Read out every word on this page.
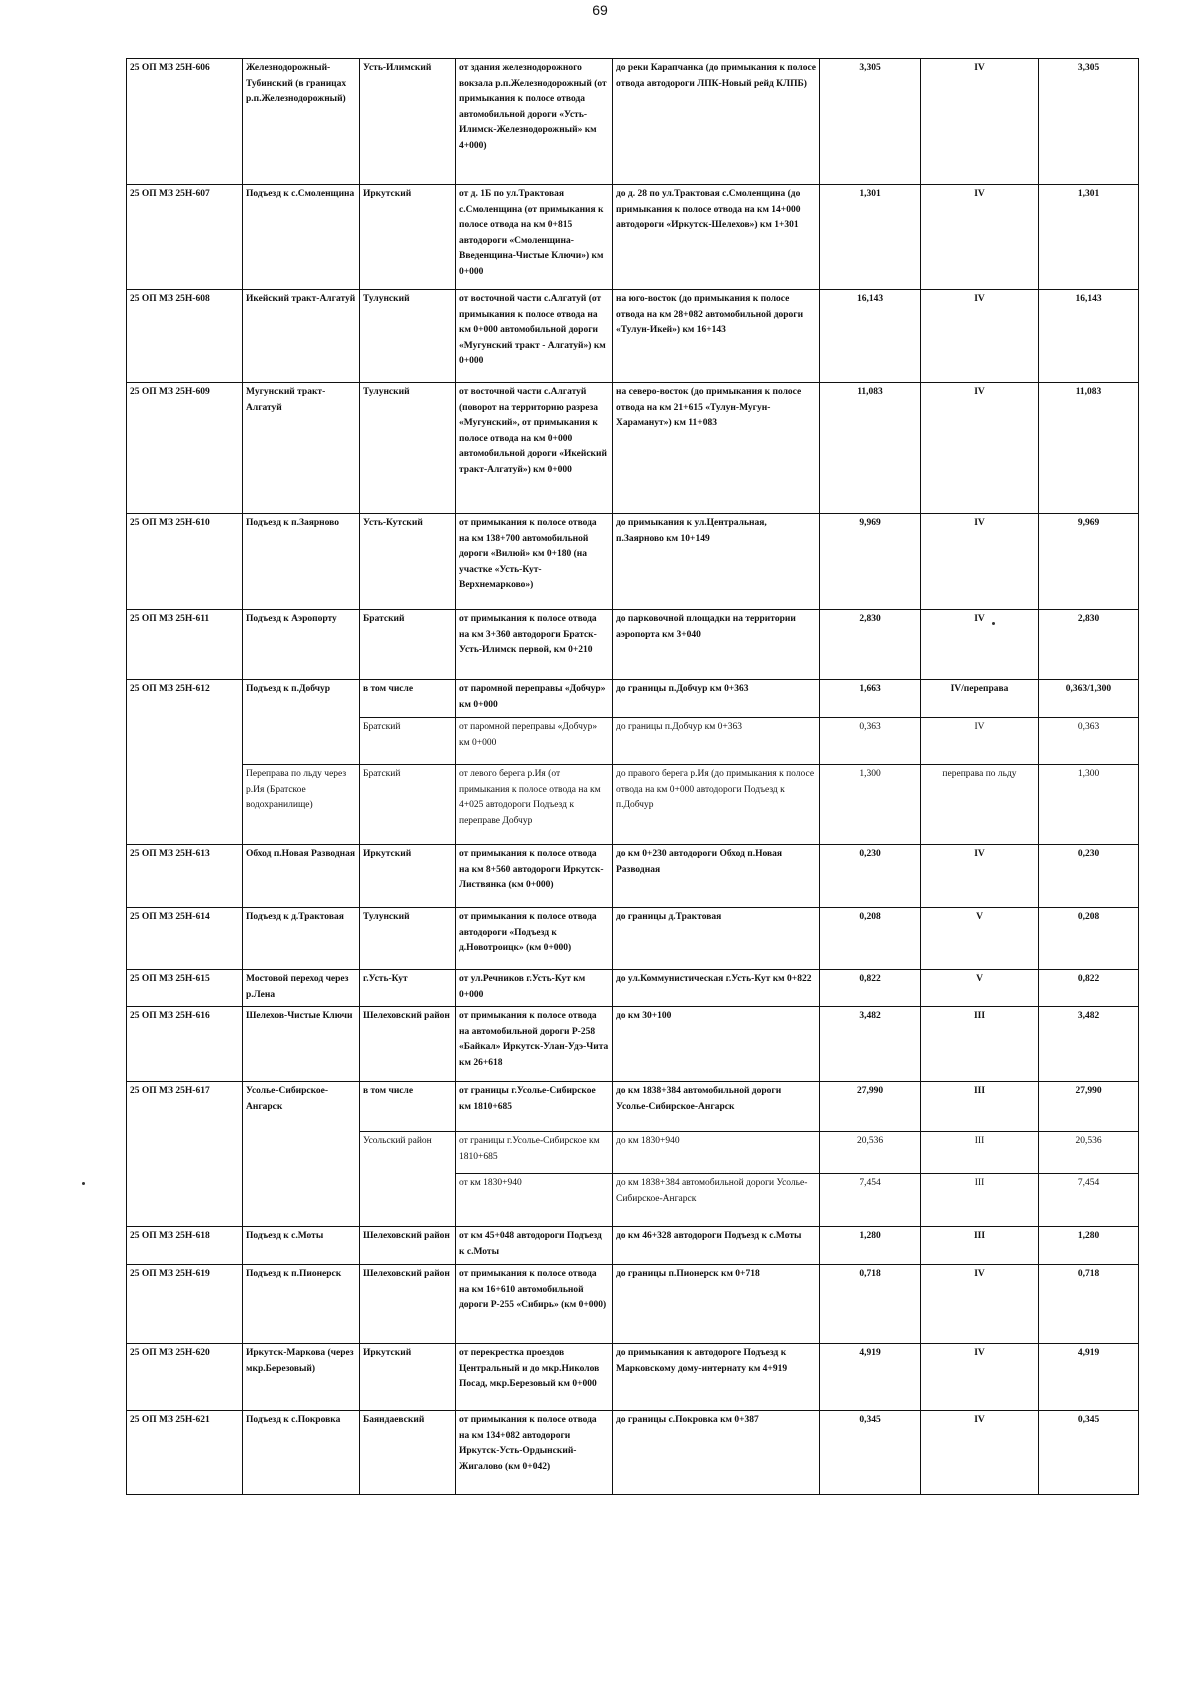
69
25 ОП МЗ 25Н-606	Железнодорожный-Тубинский (в границах р.п.Железнодорожный)	Усть-Илимский	от здания железнодорожного вокзала р.п.Железнодорожный (от примыкания к полосе отвода автомобильной дороги «Усть-Илимск-Железнодорожный» км 4+000)	до реки Карапчанка (до примыкания к полосе отвода автодороги ЛПК-Новый рейд КЛПБ)	3,305	IV	3,305
25 ОП МЗ 25Н-607	Подъезд к с.Смоленщина	Иркутский	от д. 1Б по ул.Трактовая с.Смоленщина (от примыкания к полосе отвода на км 0+815 автодороги «Смоленщина-Введенщина-Чистые Ключи») км 0+000	до д. 28 по ул.Трактовая с.Смоленщина (до примыкания к полосе отвода на км 14+000 автодороги «Иркутск-Шелехов») км 1+301	1,301	IV	1,301
25 ОП МЗ 25Н-608	Икейский тракт-Алгатуй	Тулунский	от восточной части с.Алгатуй (от примыкания к полосе отвода на км 0+000 автомобильной дороги «Мугунский тракт - Алгатуй») км 0+000	на юго-восток (до примыкания к полосе отвода на км 28+082 автомобильной дороги «Тулун-Икей») км 16+143	16,143	IV	16,143
25 ОП МЗ 25Н-609	Мугунский тракт-Алгатуй	Тулунский	от восточной части с.Алгатуй (поворот на территорию разреза «Мугунский», от примыкания к полосе отвода на км 0+000 автомобильной дороги «Икейский тракт-Алгатуй») км 0+000	на северо-восток (до примыкания к полосе отвода на км 21+615 «Тулун-Мугун-Хараманут») км 11+083	11,083	IV	11,083
25 ОП МЗ 25Н-610	Подъезд к п.Заярново	Усть-Кутский	от примыкания к полосе отвода на км 138+700 автомобильной дороги «Вилюй» км 0+180 (на участке «Усть-Кут-Верхнемарково»)	до примыкания к ул.Центральная, п.Заярново км 10+149	9,969	IV	9,969
25 ОП МЗ 25Н-611	Подъезд к Аэропорту	Братский	от примыкания к полосе отвода на км 3+360 автодороги Братск-Усть-Илимск первой, км 0+210	до парковочной площадки на территории аэропорта км 3+040	2,830	IV	2,830
25 ОП МЗ 25Н-612	Подъезд к п.Добчур	в том числе	от паромной переправы «Добчур» км 0+000	до границы п.Добчур км 0+363	1,663	IV/переправа	0,363/1,300
		Братский	от паромной переправы «Добчур» км 0+000	до границы п.Добчур км 0+363	0,363	IV	0,363
	Переправа по льду через р.Ия (Братское водохранилище)	Братский	от левого берега р.Ия (от примыкания к полосе отвода на км 4+025 автодороги Подъезд к переправе Добчур	до правого берега р.Ия (до примыкания к полосе отвода на км 0+000 автодороги Подъезд к п.Добчур	1,300	переправа по льду	1,300
25 ОП МЗ 25Н-613	Обход п.Новая Разводная	Иркутский	от примыкания к полосе отвода на км 8+560 автодороги Иркутск-Листвянка (км 0+000)	до км 0+230 автодороги Обход п.Новая Разводная	0,230	IV	0,230
25 ОП МЗ 25Н-614	Подъезд к д.Трактовая	Тулунский	от примыкания к полосе отвода автодороги «Подъезд к д.Новотроицк» (км 0+000)	до границы д.Трактовая	0,208	V	0,208
25 ОП МЗ 25Н-615	Мостовой переход через р.Лена	г.Усть-Кут	от ул.Речников г.Усть-Кут км 0+000	до ул.Коммунистическая г.Усть-Кут км 0+822	0,822	V	0,822
25 ОП МЗ 25Н-616	Шелехов-Чистые Ключи	Шелеховский район	от примыкания к полосе отвода на автомобильной дороги Р-258 «Байкал» Иркутск-Улан-Удэ-Чита км 26+618	до км 30+100	3,482	III	3,482
25 ОП МЗ 25Н-617	Усолье-Сибирское-Ангарск	в том числе	от границы г.Усолье-Сибирское км 1810+685	до км 1838+384 автомобильной дороги Усолье-Сибирское-Ангарск	27,990	III	27,990
		Усольский район	от границы г.Усолье-Сибирское км 1810+685	до км 1830+940	20,536	III	20,536
			от км 1830+940	до км 1838+384 автомобильной дороги Усолье-Сибирское-Ангарск	7,454	III	7,454
25 ОП МЗ 25Н-618	Подъезд к с.Моты	Шелеховский район	от км 45+048 автодороги Подъезд к с.Моты	до км 46+328 автодороги Подъезд к с.Моты	1,280	III	1,280
25 ОП МЗ 25Н-619	Подъезд к п.Пионерск	Шелеховский район	от примыкания к полосе отвода на км 16+610 автомобильной дороги Р-255 «Сибирь» (км 0+000)	до границы п.Пионерск км 0+718	0,718	IV	0,718
25 ОП МЗ 25Н-620	Иркутск-Маркова (через мкр.Березовый)	Иркутский	от перекрестка проездов Центральный и до мкр.Николов Посад, мкр.Березовый км 0+000	до примыкания к автодороге Подъезд к Марковскому дому-интернату км 4+919	4,919	IV	4,919
25 ОП МЗ 25Н-621	Подъезд к с.Покровка	Баяндаевский	от примыкания к полосе отвода на км 134+082 автодороги Иркутск-Усть-Ордынский-Жигалово (км 0+042)	до границы с.Покровка км 0+387	0,345	IV	0,345
